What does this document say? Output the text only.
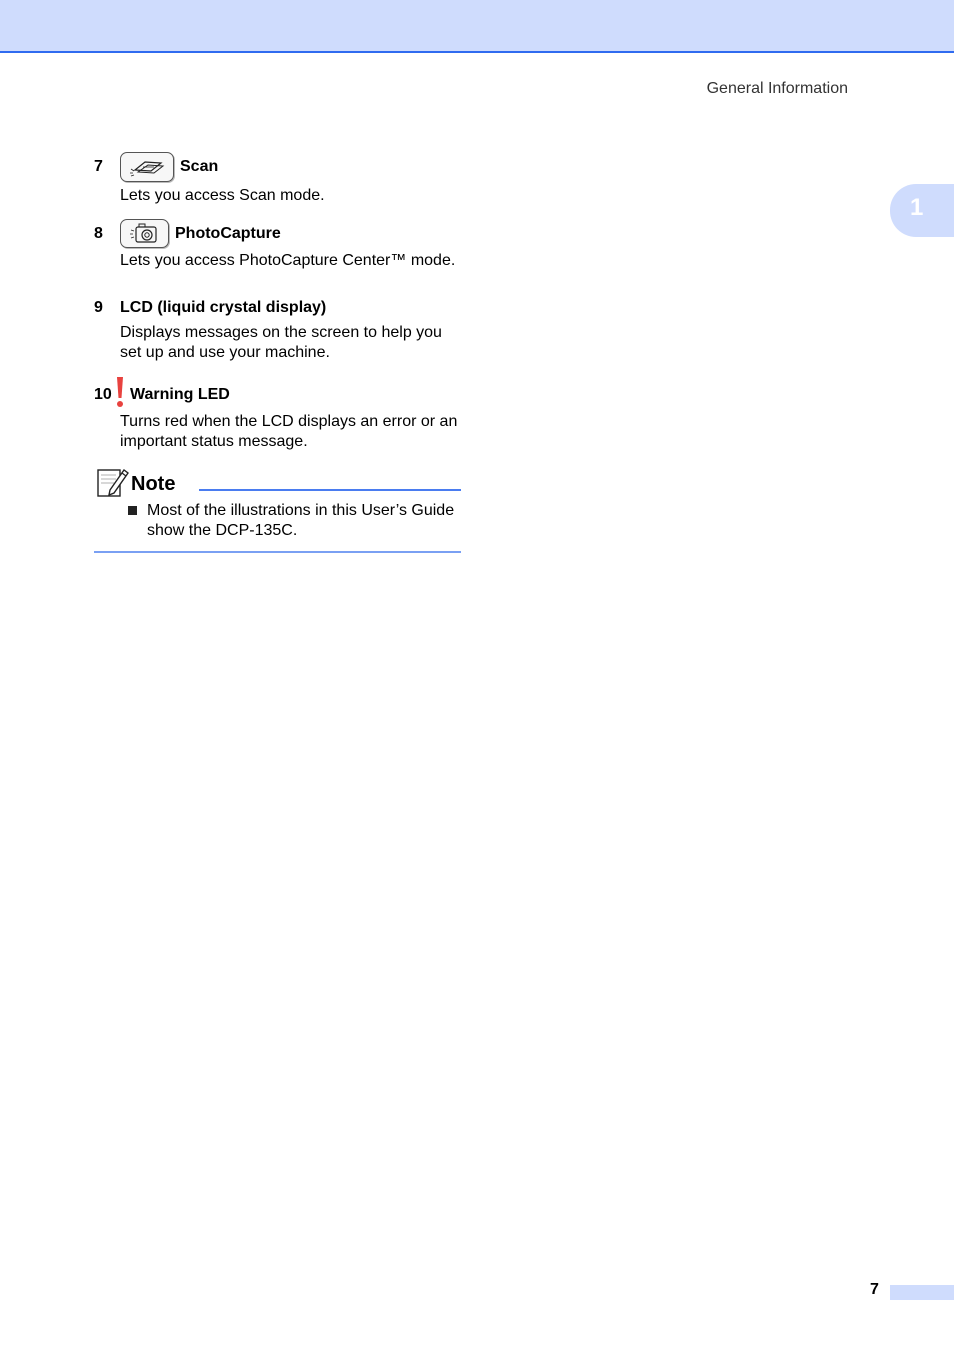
General Information
1
7	Scan
Lets you access Scan mode.
8	PhotoCapture
Lets you access PhotoCapture Center™ mode.
9	LCD (liquid crystal display)
Displays messages on the screen to help you set up and use your machine.
10 Warning LED
Turns red when the LCD displays an error or an important status message.
Note
Most of the illustrations in this User’s Guide show the DCP-135C.
7
